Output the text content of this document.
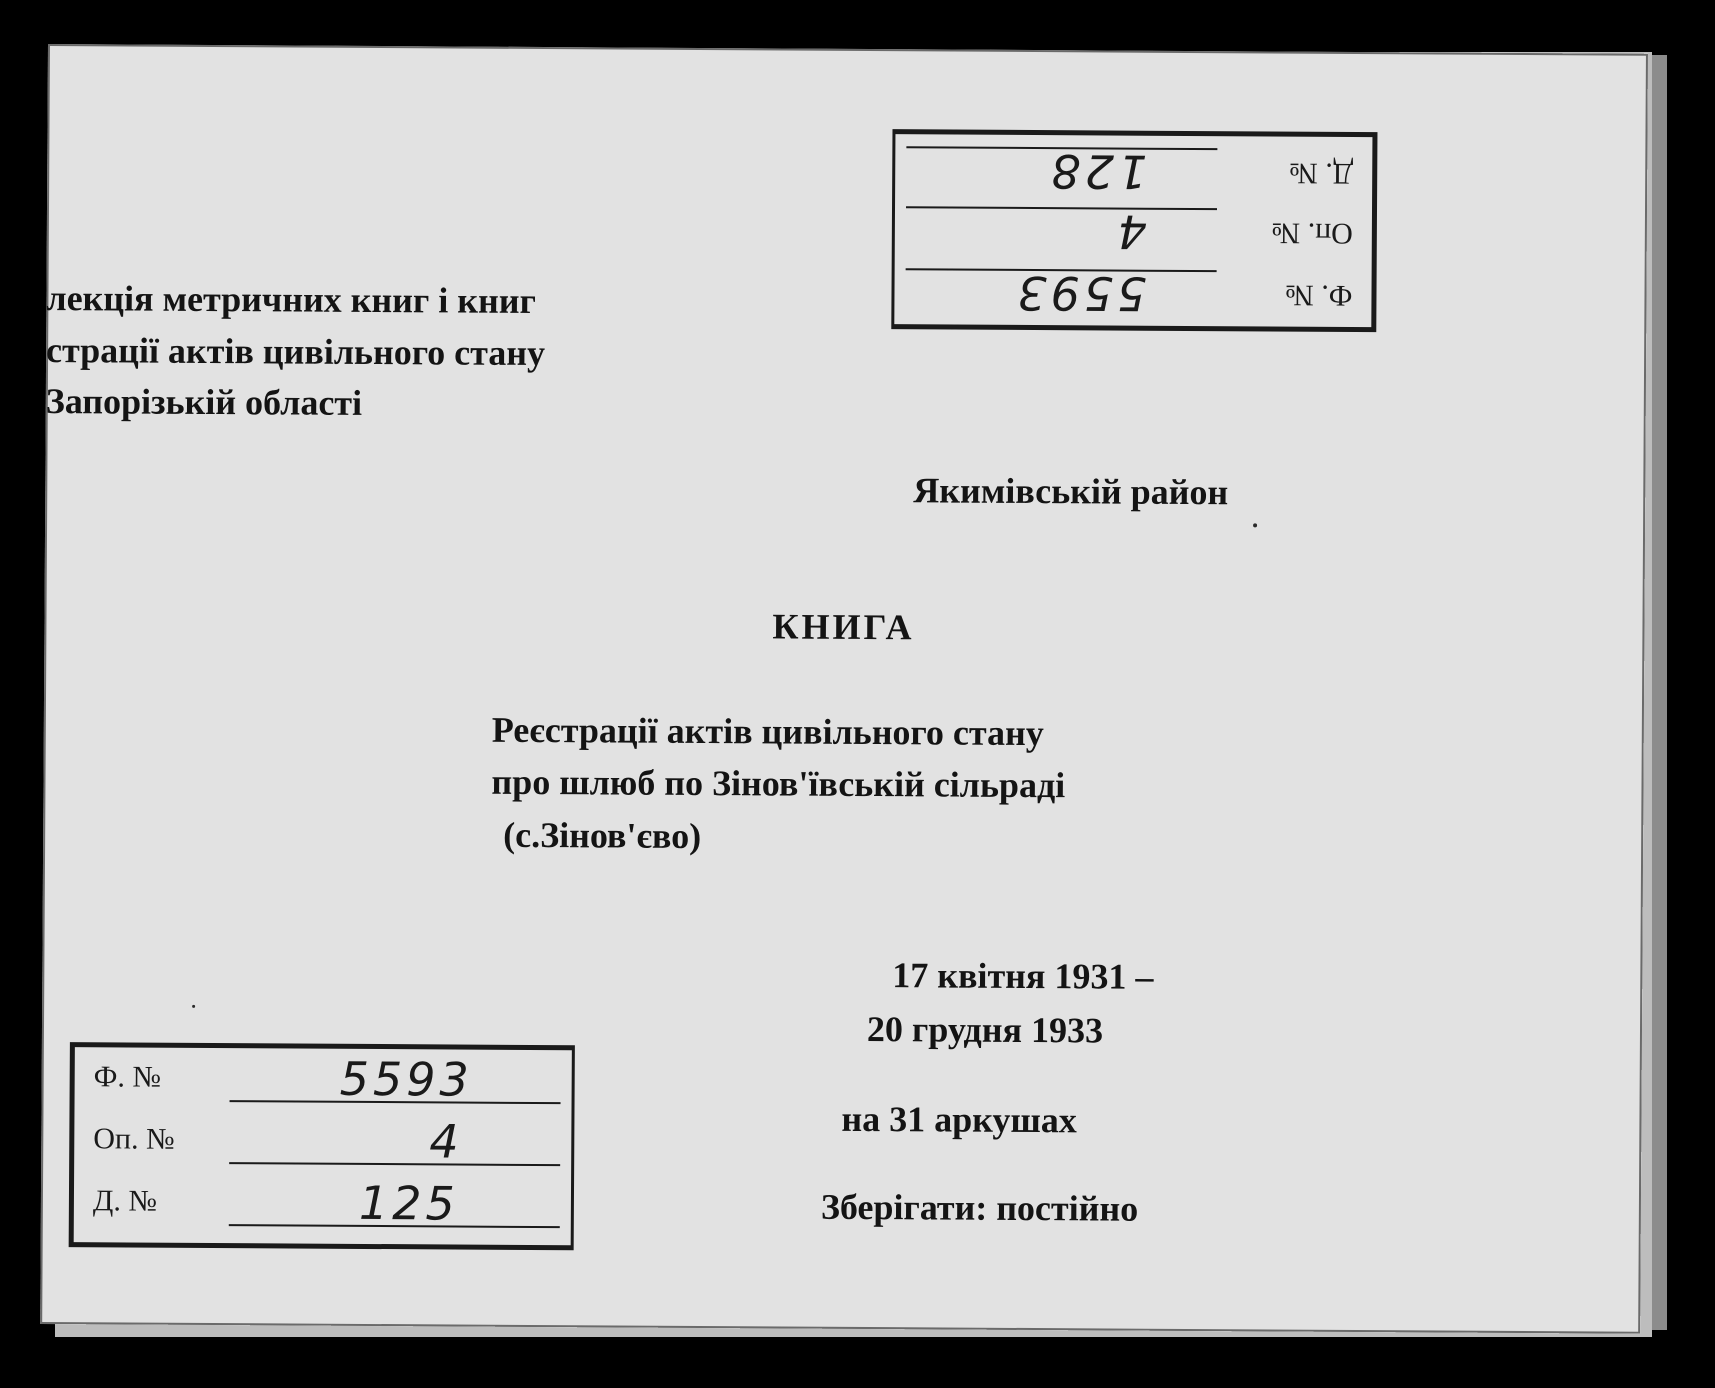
лекція метричних книг і книг
страції актів цивільного стану
Запорізькій області
Якимівській район
КНИГА
Реєстрації актів цивільного стану
про шлюб по Зінов'ївській сільраді
(с.Зінов'єво)
17 квітня 1931 –
20 грудня 1933
на 31 аркушах
Зберігати: постійно
Ф. №
5593
Оп. №
4
Д. №
128
Ф. №	5593
Оп. №	4
Д. №	125
